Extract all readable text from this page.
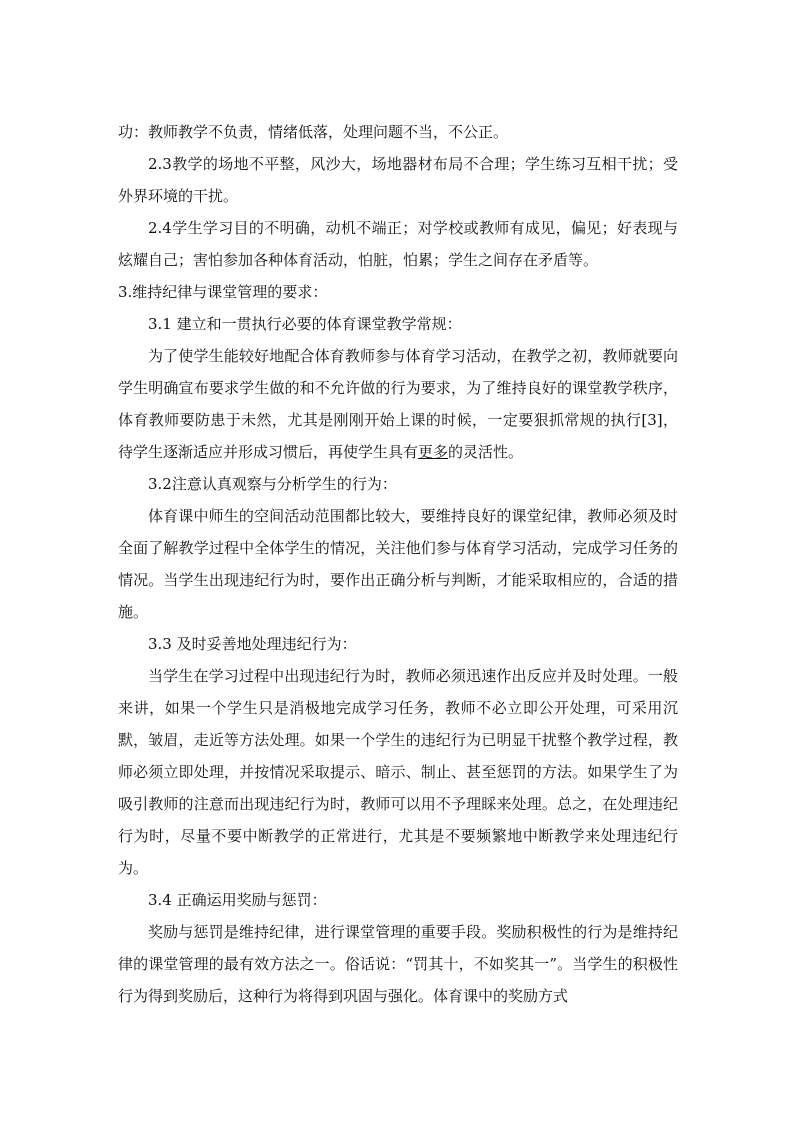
功：教师教学不负责，情绪低落，处理问题不当，不公正。

2.3教学的场地不平整，风沙大，场地器材布局不合理；学生练习互相干扰；受外界环境的干扰。

2.4学生学习目的不明确，动机不端正；对学校或教师有成见，偏见；好表现与炫耀自己；害怕参加各种体育活动，怕脏，怕累；学生之间存在矛盾等。

3.维持纪律与课堂管理的要求：

3.1 建立和一贯执行必要的体育课堂教学常规：

为了使学生能较好地配合体育教师参与体育学习活动，在教学之初，教师就要向学生明确宣布要求学生做的和不允许做的行为要求，为了维持良好的课堂教学秩序，体育教师要防患于未然，尤其是刚刚开始上课的时候，一定要狠抓常规的执行[3]，待学生逐渐适应并形成习惯后，再使学生具有更多的灵活性。

3.2注意认真观察与分析学生的行为：

体育课中师生的空间活动范围都比较大，要维持良好的课堂纪律，教师必须及时全面了解教学过程中全体学生的情况，关注他们参与体育学习活动，完成学习任务的情况。当学生出现违纪行为时，要作出正确分析与判断，才能采取相应的，合适的措施。

3.3 及时妥善地处理违纪行为：

当学生在学习过程中出现违纪行为时，教师必须迅速作出反应并及时处理。一般来讲，如果一个学生只是消极地完成学习任务，教师不必立即公开处理，可采用沉默，皱眉，走近等方法处理。如果一个学生的违纪行为已明显干扰整个教学过程，教师必须立即处理，并按情况采取提示、暗示、制止、甚至惩罚的方法。如果学生了为吸引教师的注意而出现违纪行为时，教师可以用不予理睬来处理。总之，在处理违纪行为时，尽量不要中断教学的正常进行，尤其是不要频繁地中断教学来处理违纪行为。

3.4 正确运用奖励与惩罚：

奖励与惩罚是维持纪律，进行课堂管理的重要手段。奖励积极性的行为是维持纪律的课堂管理的最有效方法之一。俗话说：“罚其十，不如奖其一”。当学生的积极性行为得到奖励后，这种行为将得到巩固与强化。体育课中的奖励方式
